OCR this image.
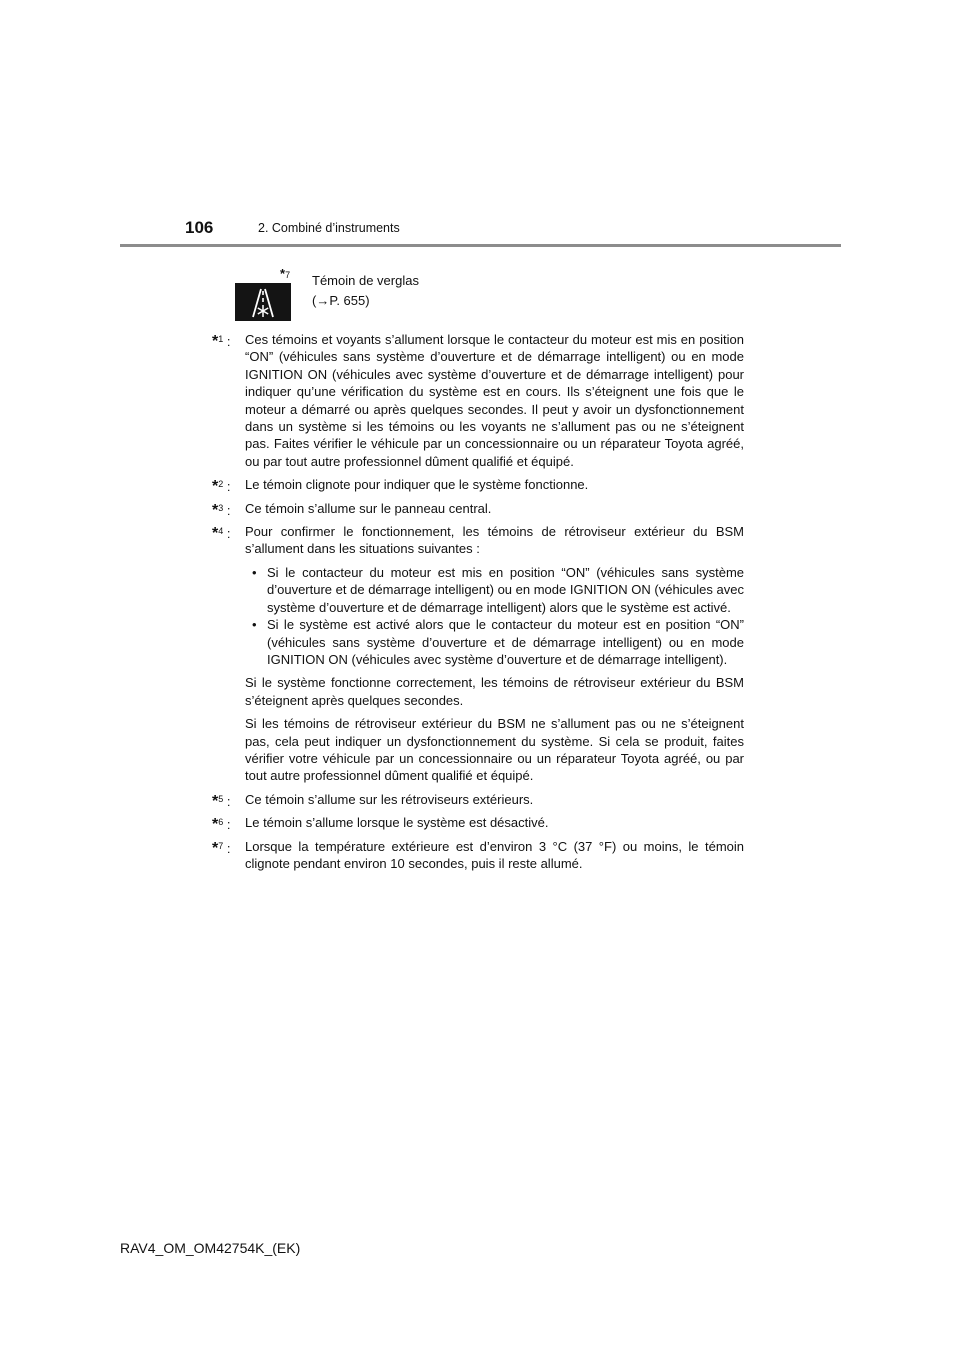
106	2. Combiné d’instruments
*7 Témoin de verglas
(→P. 655)
*$^1$ : Ces témoins et voyants s’allument lorsque le contacteur du moteur est mis en position “ON” (véhicules sans système d’ouverture et de démarrage intelligent) ou en mode IGNITION ON (véhicules avec système d’ouverture et de démarrage intelligent) pour indiquer qu’une vérification du système est en cours. Ils s’éteignent une fois que le moteur a démarré ou après quelques secondes. Il peut y avoir un dysfonctionnement dans un système si les témoins ou les voyants ne s’allument pas ou ne s’éteignent pas. Faites vérifier le véhicule par un concessionnaire ou un réparateur Toyota agréé, ou par tout autre professionnel dûment qualifié et équipé.
*$^2$ : Le témoin clignote pour indiquer que le système fonctionne.
*$^3$ : Ce témoin s’allume sur le panneau central.
*$^4$ : Pour confirmer le fonctionnement, les témoins de rétroviseur extérieur du BSM s’allument dans les situations suivantes :
• Si le contacteur du moteur est mis en position “ON” (véhicules sans système d’ouverture et de démarrage intelligent) ou en mode IGNITION ON (véhicules avec système d’ouverture et de démarrage intelligent) alors que le système est activé.
• Si le système est activé alors que le contacteur du moteur est en position “ON” (véhicules sans système d’ouverture et de démarrage intelligent) ou en mode IGNITION ON (véhicules avec système d’ouverture et de démarrage intelligent).

Si le système fonctionne correctement, les témoins de rétroviseur extérieur du BSM s’éteignent après quelques secondes.

Si les témoins de rétroviseur extérieur du BSM ne s’allument pas ou ne s’éteignent pas, cela peut indiquer un dysfonctionnement du système. Si cela se produit, faites vérifier votre véhicule par un concessionnaire ou un réparateur Toyota agréé, ou par tout autre professionnel dûment qualifié et équipé.

*$^5$ : Ce témoin s’allume sur les rétroviseurs extérieurs.
*$^6$ : Le témoin s’allume lorsque le système est désactivé.
*$^7$ : Lorsque la température extérieure est d’environ 3 °C (37 °F) ou moins, le témoin clignote pendant environ 10 secondes, puis il reste allumé.
RAV4_OM_OM42754K_(EK)
